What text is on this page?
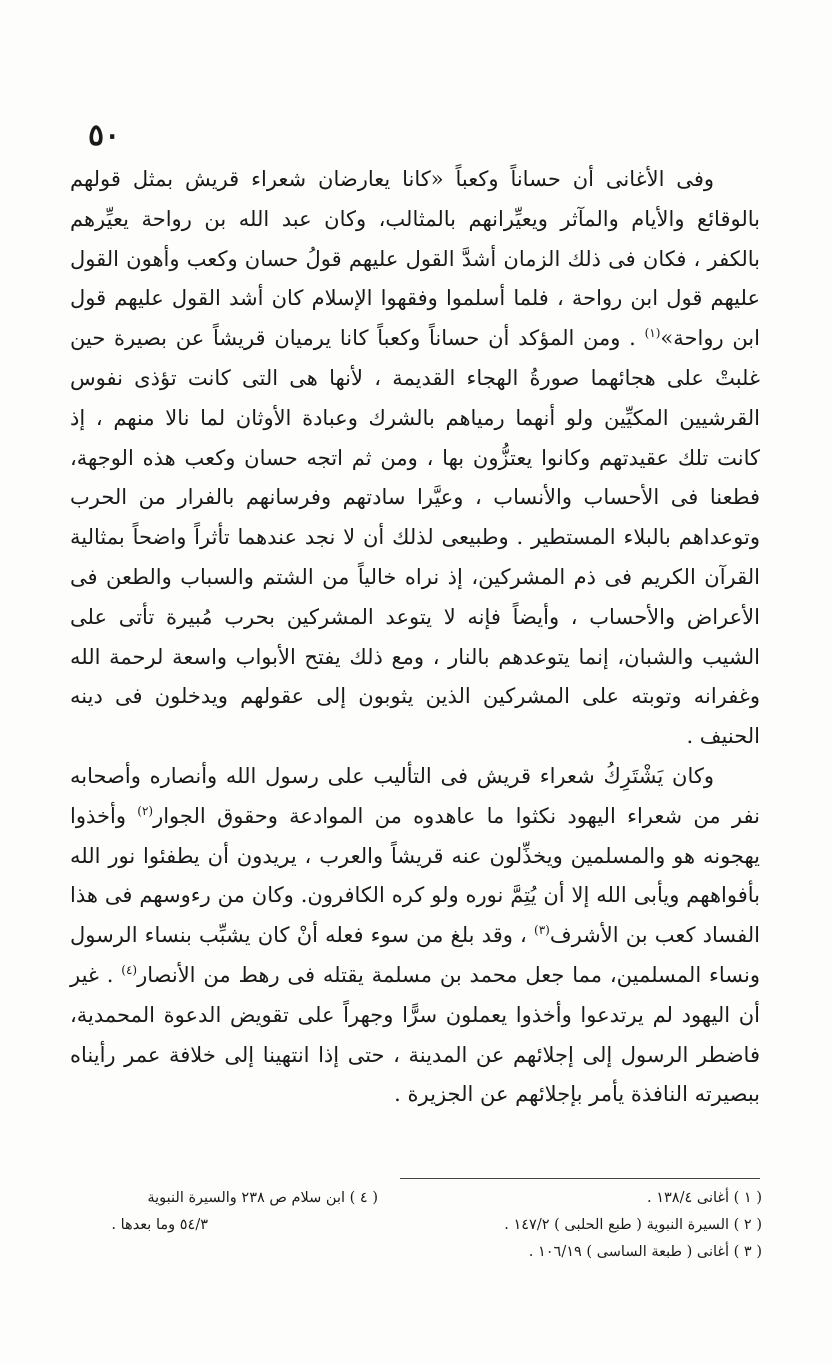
٥٠

وفى الأغانى أن حساناً وكعباً «كانا يعارضان شعراء قريش بمثل قولهم بالوقائع والأيام والمآثر ويعيِّرانهم بالمثالب، وكان عبد الله بن رواحة يعيِّرهم بالكفر ، فكان فى ذلك الزمان أشدَّ القول عليهم قولُ حسان وكعب وأهون القول عليهم قول ابن رواحة ، فلما أسلموا وفقهوا الإسلام كان أشد القول عليهم قول ابن رواحة»$^{(١)}$ . ومن المؤكد أن حساناً وكعباً كانا يرميان قريشاً عن بصيرة حين غلبتْ على هجائهما صورةُ الهجاء القديمة ، لأنها هى التى كانت تؤذى نفوس القرشيين المكيِّين ولو أنهما رمياهم بالشرك وعبادة الأوثان لما نالا منهم ، إذ كانت تلك عقيدتهم وكانوا يعتزُّون بها ، ومن ثم اتجه حسان وكعب هذه الوجهة، فطعنا فى الأحساب والأنساب ، وعيَّرا سادتهم وفرسانهم بالفرار من الحرب وتوعداهم بالبلاء المستطير . وطبيعى لذلك أن لا نجد عندهما تأثراً واضحاً بمثالية القرآن الكريم فى ذم المشركين، إذ نراه خالياً من الشتم والسباب والطعن فى الأعراض والأحساب ، وأيضاً فإنه لا يتوعد المشركين بحرب مُبيرة تأتى على الشيب والشبان، إنما يتوعدهم بالنار ، ومع ذلك يفتح الأبواب واسعة لرحمة الله وغفرانه وتوبته على المشركين الذين يثوبون إلى عقولهم ويدخلون فى دينه الحنيف .

وكان يَشْتَرِكُ شعراء قريش فى التأليب على رسول الله وأنصاره وأصحابه نفر من شعراء اليهود نكثوا ما عاهدوه من الموادعة وحقوق الجوار$^{(٢)}$ وأخذوا يهجونه هو والمسلمين ويخذِّلون عنه قريشاً والعرب ، يريدون أن يطفئوا نور الله بأفواههم ويأبى الله إلا أن يُتِمَّ نوره ولو كره الكافرون. وكان من رءوسهم فى هذا الفساد كعب بن الأشرف$^{(٣)}$ ، وقد بلغ من سوء فعله أنْ كان يشبِّب بنساء الرسول ونساء المسلمين، مما جعل محمد بن مسلمة يقتله فى رهط من الأنصار$^{(٤)}$ . غير أن اليهود لم يرتدعوا وأخذوا يعملون سرًّا وجهراً على تقويض الدعوة المحمدية، فاضطر الرسول إلى إجلائهم عن المدينة ، حتى إذا انتهينا إلى خلافة عمر رأيناه ببصيرته النافذة يأمر بإجلائهم عن الجزيرة .

( ١ ) أغانى ١٣٨/٤ .
( ٢ ) السيرة النبوية ( طبع الحلبى ) ١٤٧/٢ .
( ٣ ) أغانى ( طبعة الساسى ) ١٠٦/١٩ .
( ٤ ) ابن سلام ص ٢٣٨ والسيرة النبوية
٥٤/٣ وما بعدها .
